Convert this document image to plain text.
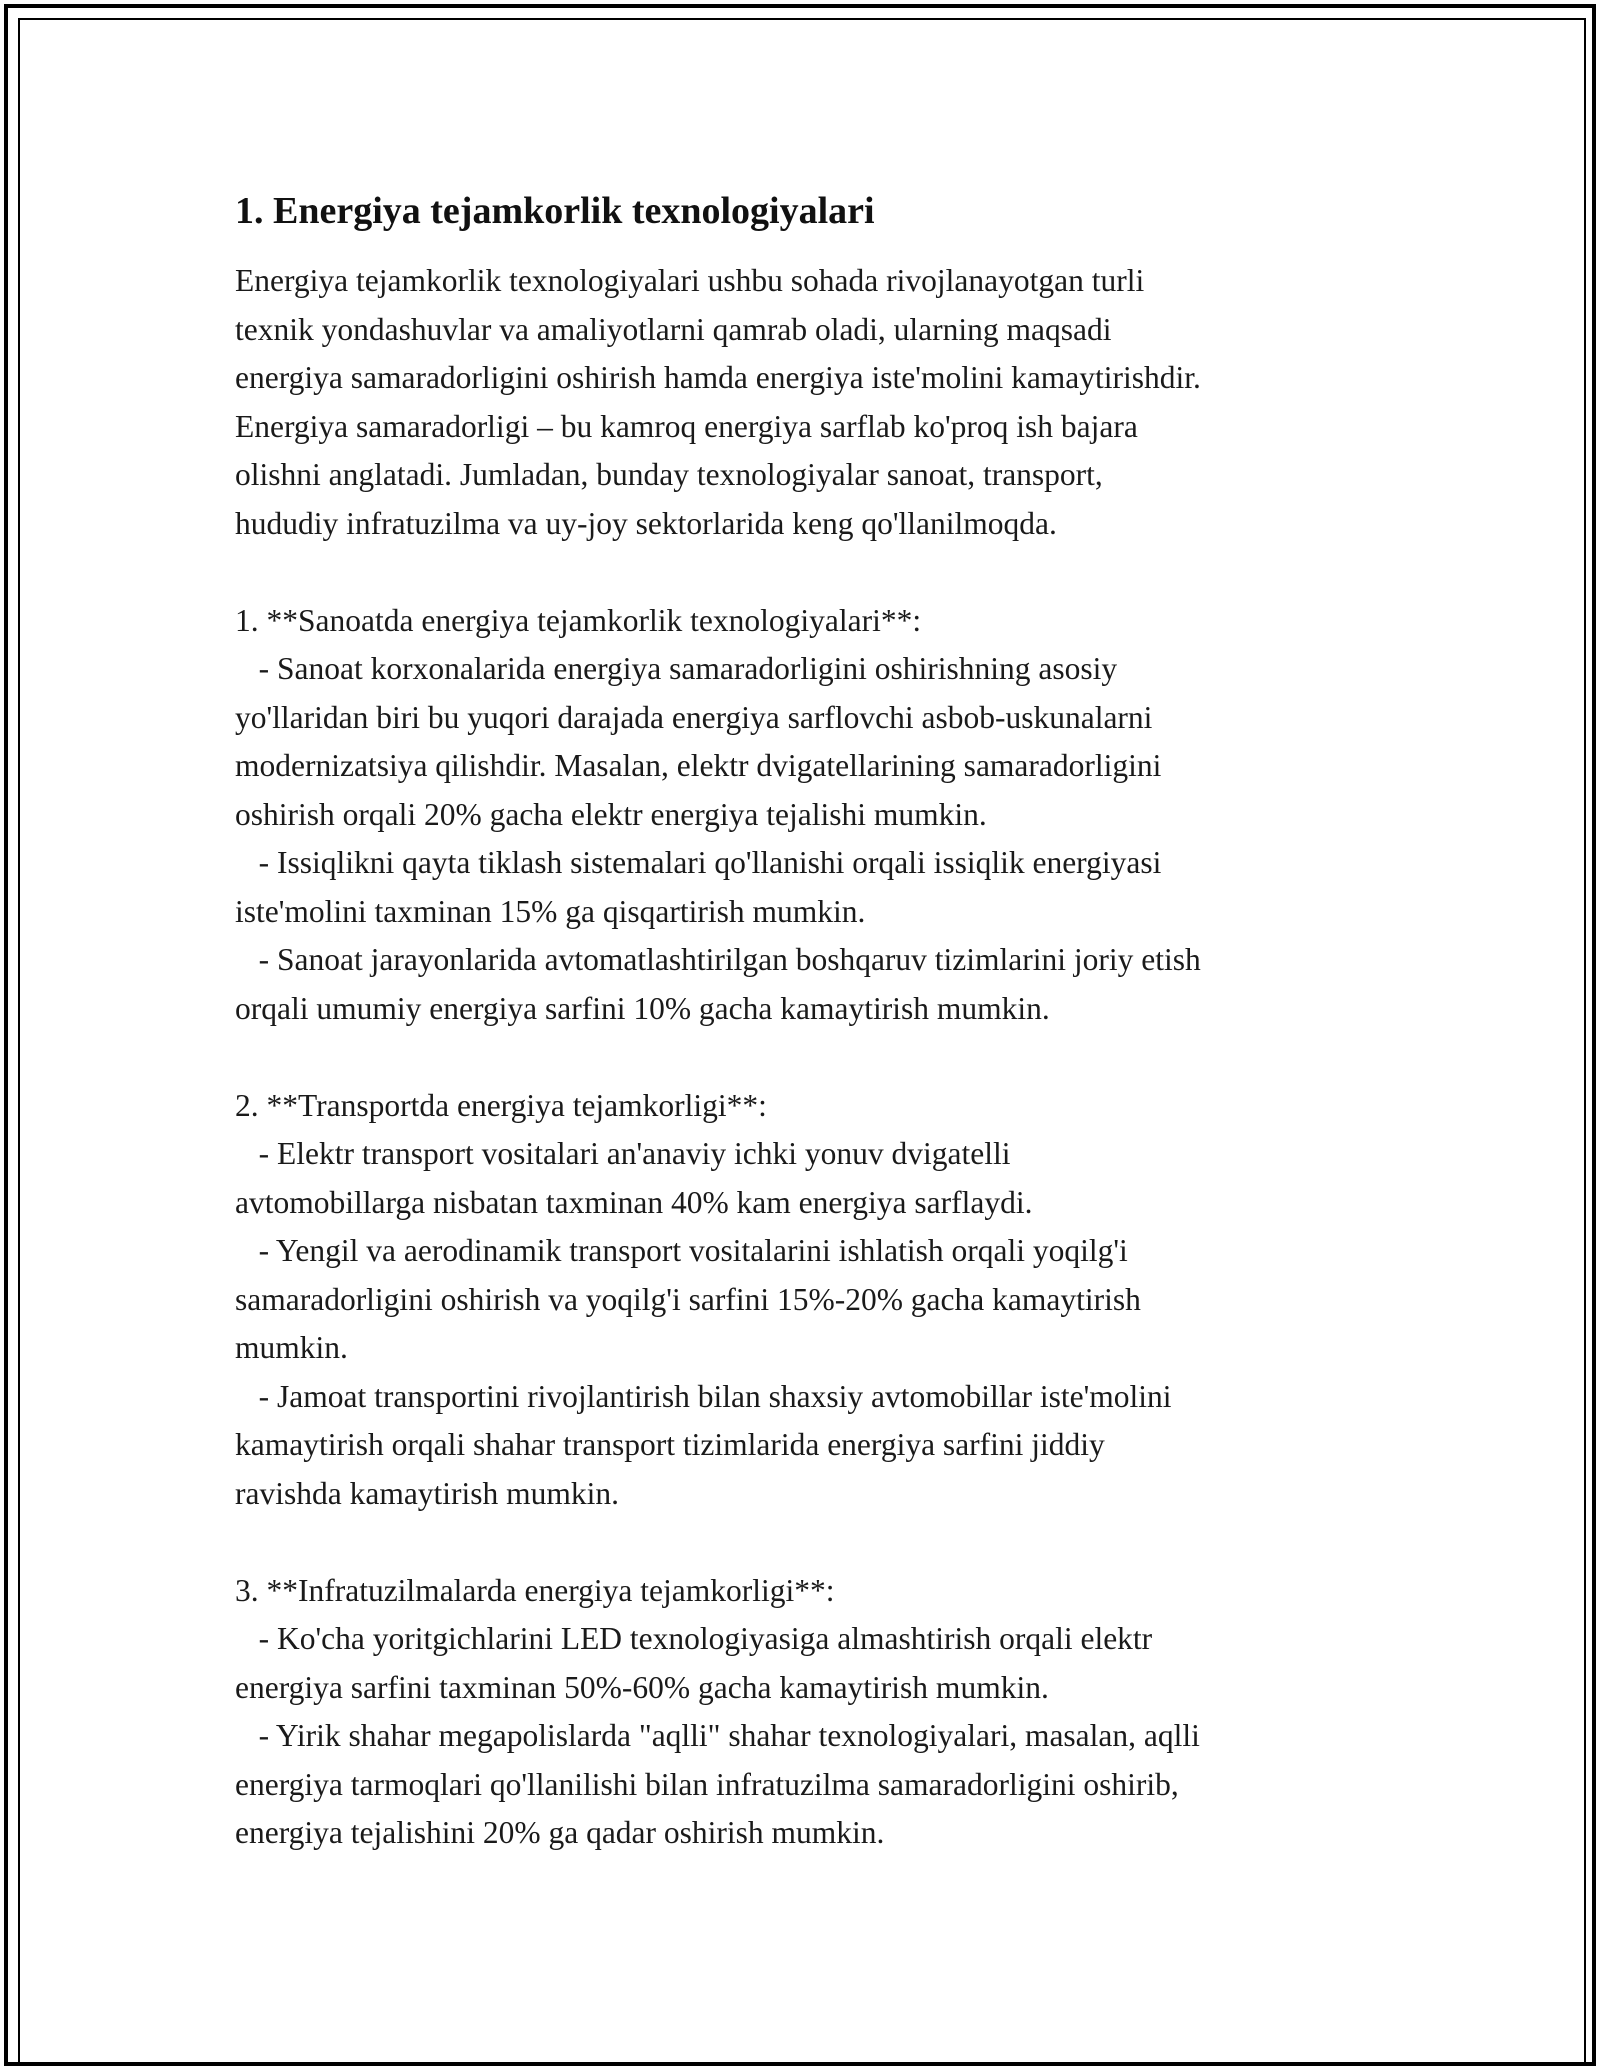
1. Energiya tejamkorlik texnologiyalari

Energiya tejamkorlik texnologiyalari ushbu sohada rivojlanayotgan turli
texnik yondashuvlar va amaliyotlarni qamrab oladi, ularning maqsadi
energiya samaradorligini oshirish hamda energiya iste'molini kamaytirishdir.
Energiya samaradorligi – bu kamroq energiya sarflab ko'proq ish bajara
olishni anglatadi. Jumladan, bunday texnologiyalar sanoat, transport,
hududiy infratuzilma va uy-joy sektorlarida keng qo'llanilmoqda.

1. **Sanoatda energiya tejamkorlik texnologiyalari**:
- Sanoat korxonalarida energiya samaradorligini oshirishning asosiy
yo'llaridan biri bu yuqori darajada energiya sarflovchi asbob-uskunalarni
modernizatsiya qilishdir. Masalan, elektr dvigatellarining samaradorligini
oshirish orqali 20% gacha elektr energiya tejalishi mumkin.
- Issiqlikni qayta tiklash sistemalari qo'llanishi orqali issiqlik energiyasi
iste'molini taxminan 15% ga qisqartirish mumkin.
- Sanoat jarayonlarida avtomatlashtirilgan boshqaruv tizimlarini joriy etish
orqali umumiy energiya sarfini 10% gacha kamaytirish mumkin.

2. **Transportda energiya tejamkorligi**:
- Elektr transport vositalari an'anaviy ichki yonuv dvigatelli
avtomobillarga nisbatan taxminan 40% kam energiya sarflaydi.
- Yengil va aerodinamik transport vositalarini ishlatish orqali yoqilg'i
samaradorligini oshirish va yoqilg'i sarfini 15%-20% gacha kamaytirish
mumkin.
- Jamoat transportini rivojlantirish bilan shaxsiy avtomobillar iste'molini
kamaytirish orqali shahar transport tizimlarida energiya sarfini jiddiy
ravishda kamaytirish mumkin.

3. **Infratuzilmalarda energiya tejamkorligi**:
- Ko'cha yoritgichlarini LED texnologiyasiga almashtirish orqali elektr
energiya sarfini taxminan 50%-60% gacha kamaytirish mumkin.
- Yirik shahar megapolislarda "aqlli" shahar texnologiyalari, masalan, aqlli
energiya tarmoqlari qo'llanilishi bilan infratuzilma samaradorligini oshirib,
energiya tejalishini 20% ga qadar oshirish mumkin.
